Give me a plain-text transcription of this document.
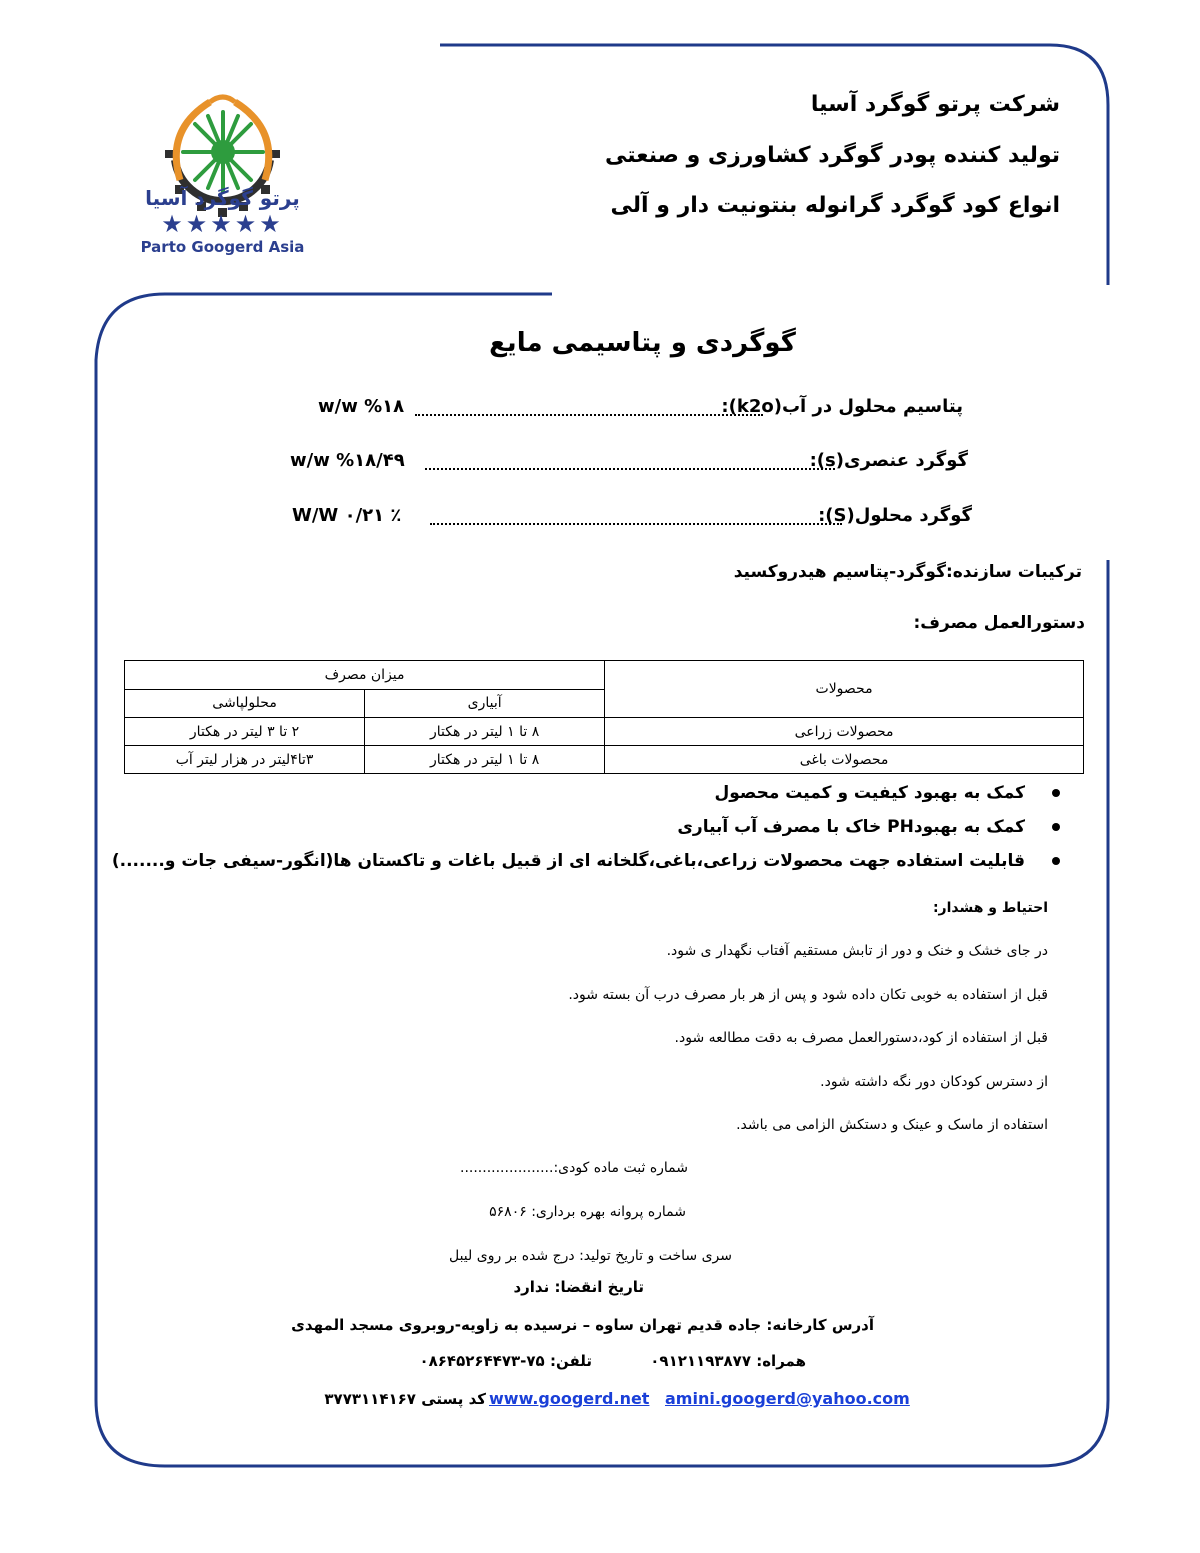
پرتو گوگرد آسیا
★★★★★
Parto Googerd Asia
شرکت پرتو گوگرد آسیا
تولید کننده پودر گوگرد کشاورزی و صنعتی
انواع کود گوگرد گرانوله بنتونیت دار و آلی
گوگردی و پتاسیمی مایع
پتاسیم محلول در آب(k2o):
%۱۸ w/w
گوگرد عنصری(s):
%۱۸/۴۹ w/w
گوگرد محلول(S):
٪ ۰/۲۱ W/W
ترکیبات سازنده:گوگرد-پتاسیم هیدروکسید
دستورالعمل مصرف:
محصولات	میزان مصرف	
	آبیاری	محلولپاشی
محصولات زراعی	۸ تا ۱ لیتر در هکتار	۲ تا ۳ لیتر در هکتار
محصولات باغی	۸ تا ۱ لیتر در هکتار	۳تا۴لیتر در هزار لیتر آب
کمک به بهبود کیفیت و کمیت محصول
کمک به بهبودPH خاک با مصرف آب آبیاری
قابلیت استفاده جهت محصولات زراعی،باغی،گلخانه ای از قبیل باغات و تاکستان ها(انگور-سیفی جات و.......)
احتیاط و هشدار:
در جای خشک و خنک و دور از تابش مستقیم آفتاب نگهدار ی شود.
قبل از استفاده به خوبی تکان داده شود و پس از هر بار مصرف درب آن بسته شود.
قبل از استفاده از کود،دستورالعمل مصرف به دقت مطالعه شود.
از دسترس کودکان دور نگه داشته شود.
استفاده از ماسک و عینک و دستکش الزامی می باشد.
شماره ثبت ماده کودی:.....................
شماره پروانه بهره برداری: ۵۶۸۰۶
سری ساخت و تاریخ تولید: درج شده بر روی لیبل
تاریخ انقضا: ندارد
آدرس کارخانه: جاده قدیم تهران ساوه – نرسیده به زاویه-روبروی مسجد المهدی
همراه: ۰۹۱۲۱۱۹۳۸۷۷
تلفن: ۷۵-۰۸۶۴۵۲۶۴۴۷۳
amini.googerd@yahoo.com
www.googerd.net
کد پستی ۳۷۷۳۱۱۴۱۶۷
